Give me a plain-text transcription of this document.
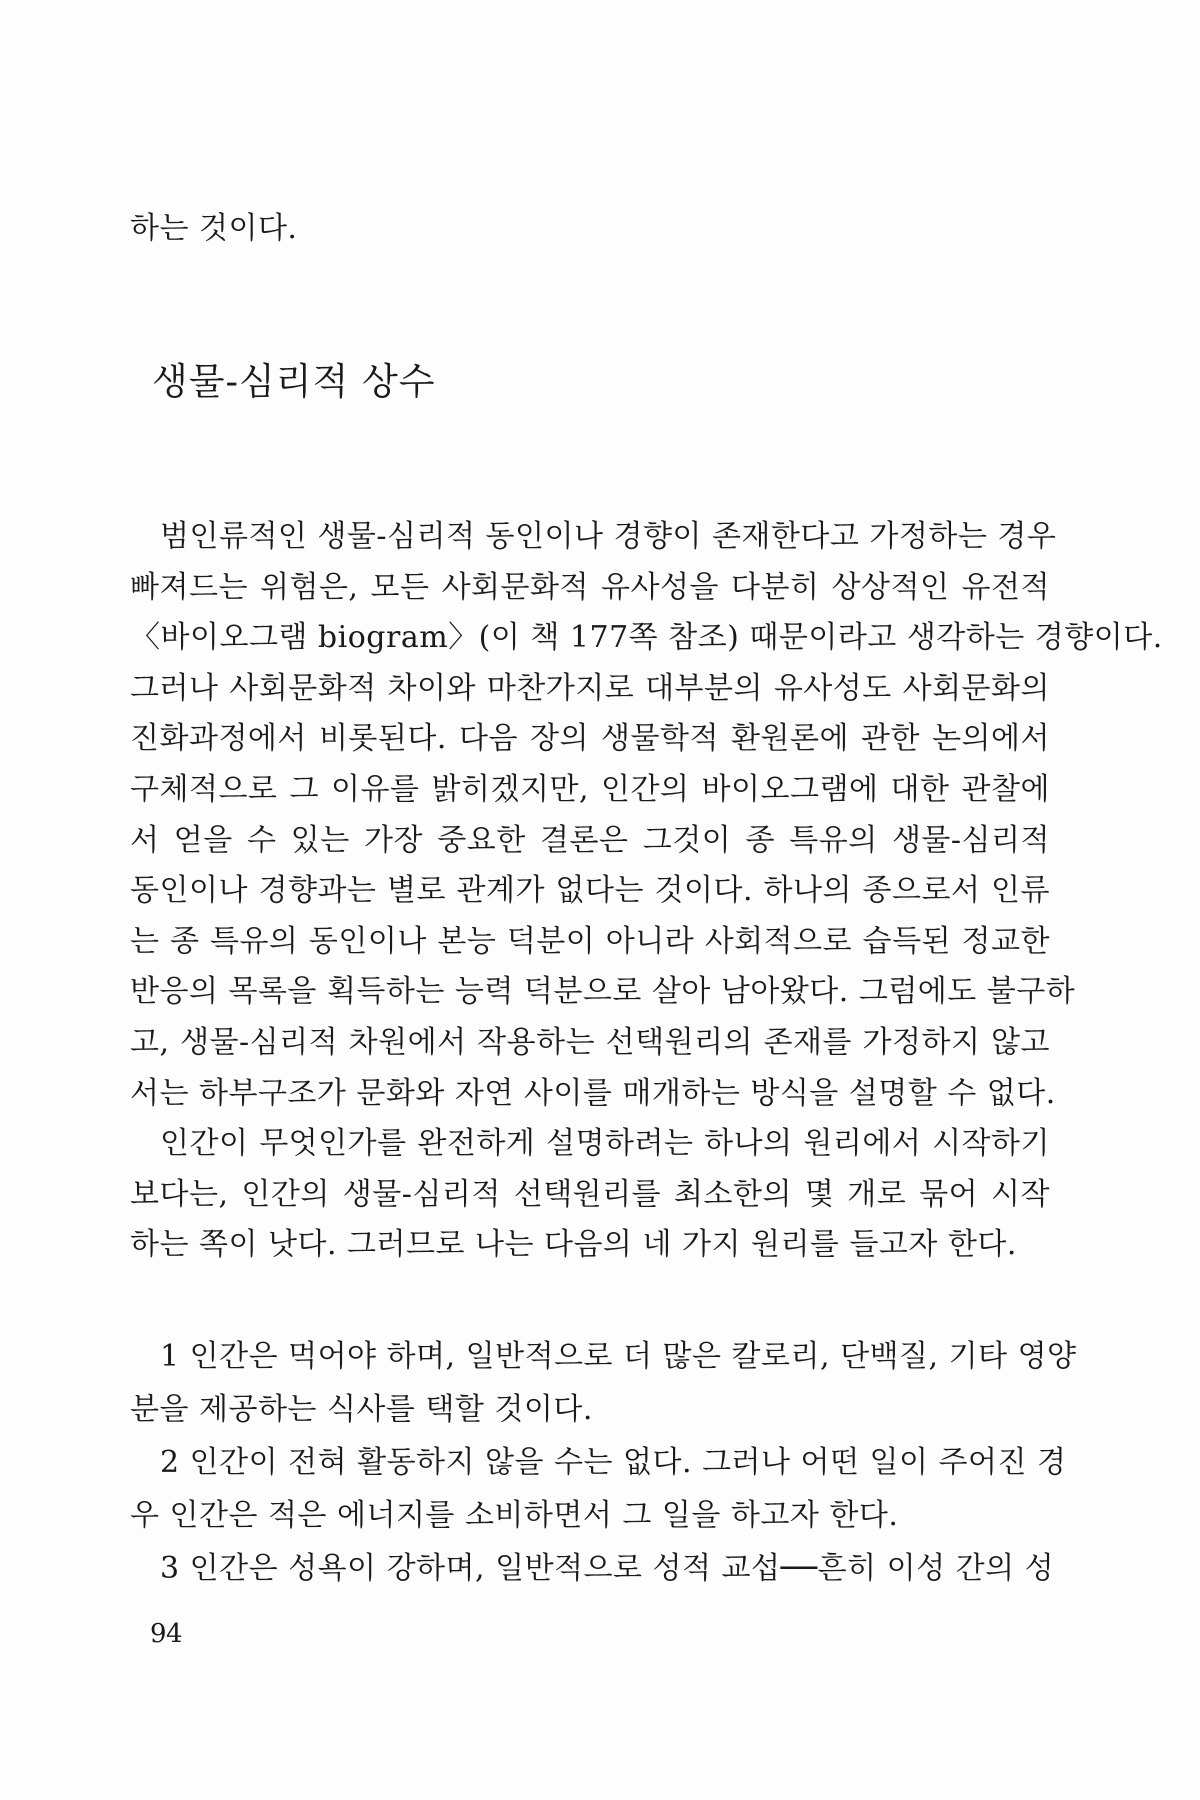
하는 것이다.
생물-심리적 상수
범인류적인 생물-심리적 동인이나 경향이 존재한다고 가정하는 경우
빠져드는 위험은, 모든 사회문화적 유사성을 다분히 상상적인 유전적
〈바이오그램 biogram〉(이 책 177쪽 참조) 때문이라고 생각하는 경향이다.
그러나 사회문화적 차이와 마찬가지로 대부분의 유사성도 사회문화의
진화과정에서 비롯된다. 다음 장의 생물학적 환원론에 관한 논의에서
구체적으로 그 이유를 밝히겠지만, 인간의 바이오그램에 대한 관찰에
서 얻을 수 있는 가장 중요한 결론은 그것이 종 특유의 생물-심리적
동인이나 경향과는 별로 관계가 없다는 것이다. 하나의 종으로서 인류
는 종 특유의 동인이나 본능 덕분이 아니라 사회적으로 습득된 정교한
반응의 목록을 획득하는 능력 덕분으로 살아 남아왔다. 그럼에도 불구하
고, 생물-심리적 차원에서 작용하는 선택원리의 존재를 가정하지 않고
서는 하부구조가 문화와 자연 사이를 매개하는 방식을 설명할 수 없다.
인간이 무엇인가를 완전하게 설명하려는 하나의 원리에서 시작하기
보다는, 인간의 생물-심리적 선택원리를 최소한의 몇 개로 묶어 시작
하는 쪽이 낫다. 그러므로 나는 다음의 네 가지 원리를 들고자 한다.
1 인간은 먹어야 하며, 일반적으로 더 많은 칼로리, 단백질, 기타 영양
분을 제공하는 식사를 택할 것이다.
2 인간이 전혀 활동하지 않을 수는 없다. 그러나 어떤 일이 주어진 경
우 인간은 적은 에너지를 소비하면서 그 일을 하고자 한다.
3 인간은 성욕이 강하며, 일반적으로 성적 교섭──흔히 이성 간의 성
94
